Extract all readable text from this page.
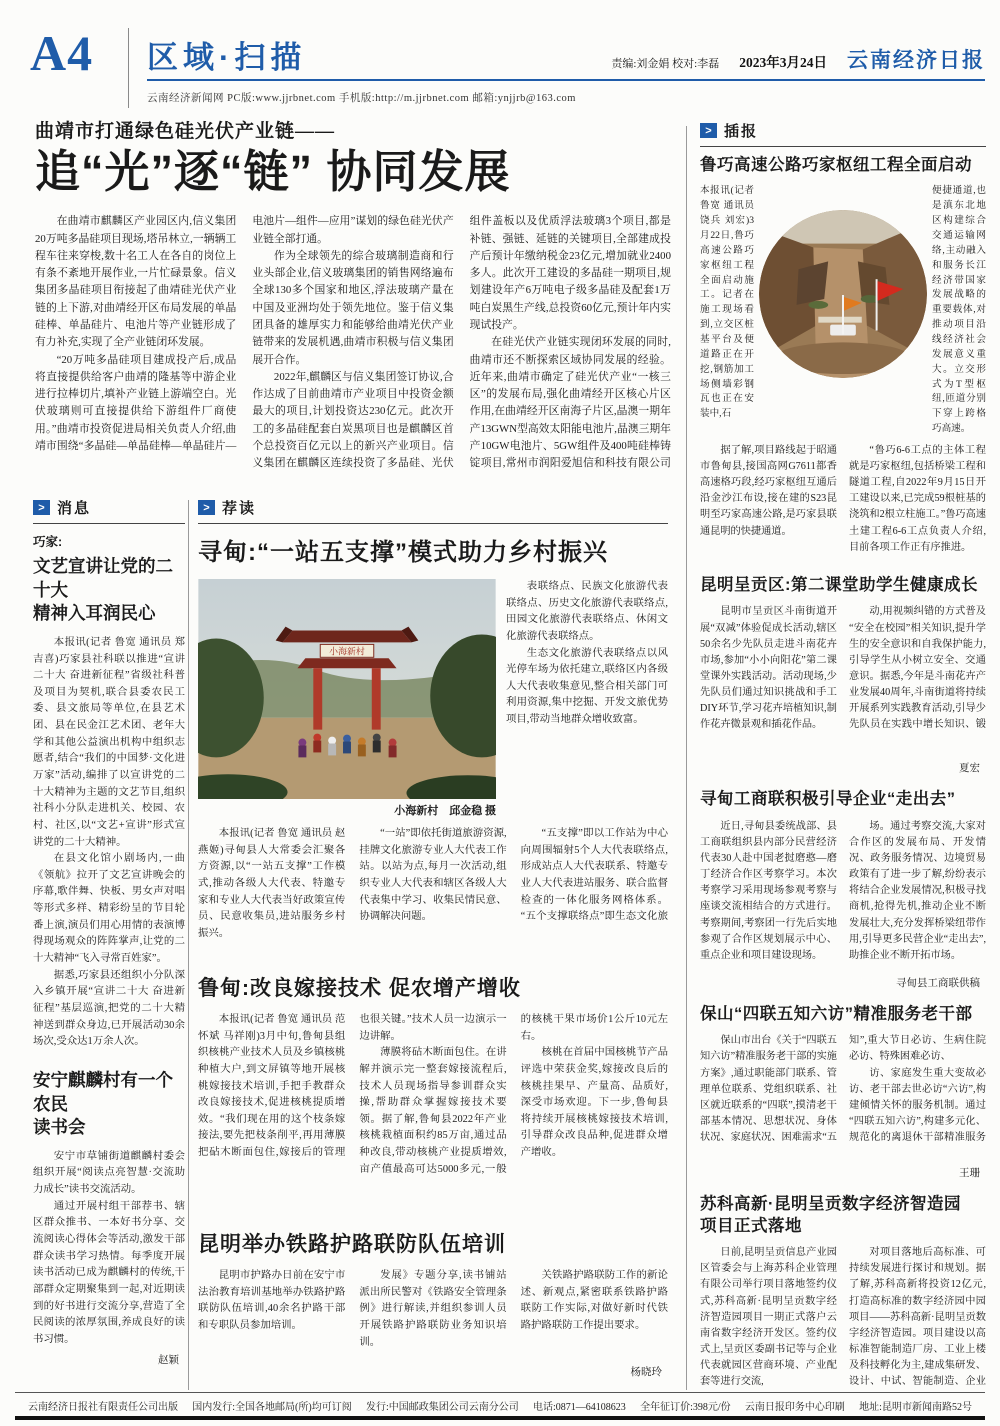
A4 区域·扫描	责编:刘金娟 校对:李磊 2023年3月24日 云南经济日报
云南经济新闻网 PC版:www.jjrbnet.com 手机版:http://m.jjrbnet.com 邮箱:ynjjrb@163.com
曲靖市打通绿色硅光伏产业链——
追“光”逐“链” 协同发展

在曲靖市麒麟区产业园区内,信义集团20万吨多晶硅项目现场,塔吊林立,一辆辆工程车往来穿梭,数十名工人在各自的岗位上有条不紊地开展作业,一片忙碌景象。信义集团多晶硅项目衔接起了曲靖硅光伏产业链的上下游,对曲靖经开区布局发展的单晶硅棒、单晶硅片、电池片等产业链形成了有力补充,实现了全产业链闭环发展。

“20万吨多晶硅项目建成投产后,成品将直接提供给客户曲靖的隆基等中游企业进行拉棒切片,填补产业链上游端空白。光伏玻璃则可直接提供给下游组件厂商使用。”曲靖市投资促进局相关负责人介绍,曲靖市围绕“多晶硅—单晶硅棒—单晶硅片—电池片—组件—应用”谋划的绿色硅光伏产业链全部打通。

作为全球领先的综合玻璃制造商和行业头部企业,信义玻璃集团的销售网络遍布全球130多个国家和地区,浮法玻璃产量在中国及亚洲均处于领先地位。鉴于信义集团具备的雄厚实力和能够给曲靖光伏产业链带来的发展机遇,曲靖市积极与信义集团展开合作。

2022年,麒麟区与信义集团签订协议,合作达成了目前曲靖市产业项目中投资金额最大的项目,计划投资达230亿元。此次开工的多晶硅配套白炭黑项目也是麒麟区首个总投资百亿元以上的新兴产业项目。信义集团在麒麟区连续投资了多晶硅、光伏组件盖板以及优质浮法玻璃3个项目,都是补链、强链、延链的关键项目,全部建成投产后预计年缴纳税金23亿元,增加就业2400多人。此次开工建设的多晶硅一期项目,规划建设年产6万吨电子级多晶硅及配套1万吨白炭黑生产线,总投资60亿元,预计年内实现试投产。

在硅光伏产业链实现闭环发展的同时,曲靖市还不断探索区域协同发展的经验。近年来,曲靖市确定了硅光伏产业“一核三区”的发展布局,强化曲靖经开区核心片区作用,在曲靖经开区南海子片区,晶澳一期年产13GWN型高效太阳能电池片,晶澳三期年产10GW电池片、5GW组件及400吨硅棒铸锭项目,常州市润阳爱旭信和科技有限公司

> 消息
巧家:
文艺宣讲让党的二十大
精神入耳润民心

本报讯(记者 鲁宽 通讯员 郑吉喜)巧家县社科联以推进“宣讲二十大 奋进新征程”省级社科普及项目为契机,联合县委农民工委、县文旅局等单位,在县艺术团、县在民金江艺术团、老年大学和其他公益演出机构中组织志愿者,结合“我们的中国梦·文化进万家”活动,编排了以宣讲党的二十大精神为主题的文艺节目,组织社科小分队走进机关、校园、农村、社区,以“文艺+宣讲”形式宣讲党的二十大精神。

在县文化馆小剧场内,一曲《领航》拉开了文艺宣讲晚会的序幕,歌伴舞、快板、男女声对唱等形式多样、精彩纷呈的节目轮番上演,演员们用心用情的表演博得现场观众的阵阵掌声,让党的二十大精神“飞入寻常百姓家”。

据悉,巧家县还组织小分队深入乡镇开展“宣讲二十大 奋进新征程”基层巡演,把党的二十大精神送到群众身边,已开展活动30余场次,受众达1万余人次。

安宁麒麟村有一个农民
读书会

安宁市草铺街道麒麟村委会组织开展“阅读点亮智慧·交流助力成长”读书交流活动。

通过开展村组干部荐书、辖区群众推书、一本好书分享、交流阅读心得体会等活动,激发干部群众读书学习热情。每季度开展读书活动已成为麒麟村的传统,干部群众定期聚集到一起,对近期读到的好书进行交流分享,营造了全民阅读的浓厚氛围,养成良好的读书习惯。

赵颖
> 荐读
寻甸:“一站五支撑”模式助力乡村振兴
小海新村

表联络点、民族文化旅游代表联络点、历史文化旅游代表联络点,田园文化旅游代表联络点、休闲文化旅游代表联络点。

生态文化旅游代表联络点以风光停车场为依托建立,联络区内各级人大代表收集意见,整合相关部门可利用资源,集中挖掘、开发文旅优势项目,带动当地群众增收致富。

小海新村　邱金稳 摄

本报讯(记者 鲁宽 通讯员 赵燕姬)寻甸县人大常委会汇聚各方资源,以“一站五支撑”工作模式,推动各级人大代表、特邀专家和专业人大代表当好政策宣传员、民意收集员,进站服务乡村振兴。

“一站”即依托街道旅游资源,挂牌文化旅游专业人大代表工作站。以站为点,每月一次活动,组织专业人大代表和辖区各级人大代表集中学习、收集民情民意、协调解决问题。

“五支撑”即以工作站为中心向周围辐射5个人大代表联络点,形成站点人大代表联系、特邀专业人大代表进站服务、联合监督检查的一体化服务网格体系。“五个支撑联络点”即生态文化旅

鲁甸:改良嫁接技术 促农增产增收

本报讯(记者 鲁宽 通讯员 范怀斌 马祥刚)3月中旬,鲁甸县组织核桃产业技术人员及乡镇核桃种植大户,到文屏镇等地开展核桃嫁接技术培训,手把手教群众改良嫁接技术,促进核桃提质增效。“我们现在用的这个枝条嫁接法,要先把枝条削平,再用薄膜把砧木断面包住,嫁接后的管理也很关键。”技术人员一边演示一边讲解。

薄膜将砧木断面包住。在讲解并演示完一整套嫁接流程后,技术人员现场指导参训群众实操,帮助群众掌握嫁接技术要领。据了解,鲁甸县2022年产业核桃栽植面积约85万亩,通过品种改良,带动核桃产业提质增效,亩产值最高可达5000多元,一般的核桃干果市场价1公斤10元左右。

核桃在首届中国核桃节产品评选中荣获金奖,嫁接改良后的核桃挂果早、产量高、品质好,深受市场欢迎。下一步,鲁甸县将持续开展核桃嫁接技术培训,引导群众改良品种,促进群众增产增收。

昆明举办铁路护路联防队伍培训

昆明市护路办日前在安宁市法治教育培训基地举办铁路护路联防队伍培训,40余名护路干部和专职队员参加培训。

发展》专题分享,读书铺站派出所民警对《铁路安全管理条例》进行解读,并组织参训人员开展铁路护路联防业务知识培训。

关铁路护路联防工作的新论述、新观点,紧密联系铁路护路联防工作实际,对做好新时代铁路护路联防工作提出要求。

杨晓玲
> 插报
鲁巧高速公路巧家枢纽工程全面启动
本报讯(记者 鲁宽 通讯员 饶兵 刘宏)3月22日,鲁巧高速公路巧家枢纽工程全面启动施工。记者在施工现场看到,立交区桩基平台及便道路正在开挖,钢筋加工场侧墙彩钢瓦也正在安装中,石
便捷通道,也是滇东北地区构建综合交通运输网络,主动融入和服务长江经济带国家发展战略的重要载体,对推动项目沿线经济社会发展意义重大。立交形式为T型枢纽,匝道分别下穿上跨格巧高速。

据了解,项目路线起于昭通市鲁甸县,接国高网G7611都香高速格巧段,经巧家枢纽互通后沿金沙江布设,接在建的S23昆明至巧家高速公路,是巧家县联通昆明的快捷通道。

“鲁巧6-6工点的主体工程就是巧家枢纽,包括桥梁工程和隧道工程,自2022年9月15日开工建设以来,已完成59根桩基的浇筑和2根立柱施工。”鲁巧高速土建工程6-6工点负责人介绍,目前各项工作正有序推进。

昆明呈贡区:第二课堂助学生健康成长

昆明市呈贡区斗南街道开展“双减”体验促成长活动,辖区50余名少先队员走进斗南花卉市场,参加“小小向阳花”第二课堂课外实践活动。活动现场,少先队员们通过知识挑战和手工DIY环节,学习花卉培植知识,制作花卉微景观和插花作品。

动,用视频纠错的方式普及“安全在校园”相关知识,提升学生的安全意识和自我保护能力,引导学生从小树立安全、交通意识。据悉,今年是斗南花卉产业发展40周年,斗南街道将持续开展系列实践教育活动,引导少先队员在实践中增长知识、锻

夏宏
寻甸工商联积极引导企业“走出去”

近日,寻甸县委统战部、县工商联组织县内部分民营经济代表30人赴中国老挝磨憨—磨丁经济合作区考察学习。本次考察学习采用现场参观考察与座谈交流相结合的方式进行。考察期间,考察团一行先后实地参观了合作区规划展示中心、重点企业和项目建设现场。

场。通过考察交流,大家对合作区的发展布局、开发情况、政务服务情况、边境贸易政策有了进一步了解,纷纷表示将结合企业发展情况,积极寻找商机,抢得先机,推动企业不断发展壮大,充分发挥桥梁纽带作用,引导更多民营企业“走出去”,助推企业不断开拓市场。

寻甸县工商联供稿
保山“四联五知六访”精准服务老干部

保山市出台《关于“四联五知六访”精准服务老干部的实施方案》,通过职能部门联系、管理单位联系、党组织联系、社区就近联系的“四联”,摸清老干部基本情况、思想状况、身体状况、家庭状况、困难需求“五知”,重大节日必访、生病住院必访、特殊困难必访、

访、家庭发生重大变故必访、老干部去世必访“六访”,构建倾情关怀的服务机制。通过“四联五知六访”,构建多元化、规范化的离退休干部精准服务

王珊
苏科高新·昆明呈贡数字经济智造园
项目正式落地

日前,昆明呈贡信息产业园区管委会与上海苏科企业管理有限公司举行项目落地签约仪式,苏科高新·昆明呈贡数字经济智造园项目一期正式落户云南省数字经济开发区。签约仪式上,呈贡区委副书记等与企业代表就园区营商环境、产业配套等进行交流,

对项目落地后高标准、可持续发展进行探讨和规划。据了解,苏科高新将投资12亿元,打造高标准的数字经济园中园项目——苏科高新·昆明呈贡数字经济智造园。项目建设以高标准智能制造厂房、工业上楼及科技孵化为主,建成集研发、设计、中试、智能制造、企业

云南经济日报社有限责任公司出版 国内发行:全国各地邮局(所)均可订阅 发行:中国邮政集团公司云南分公司 电话:0871—64108623 全年征订价:398元/份 云南日报印务中心印刷 地址:昆明市新闻南路52号
